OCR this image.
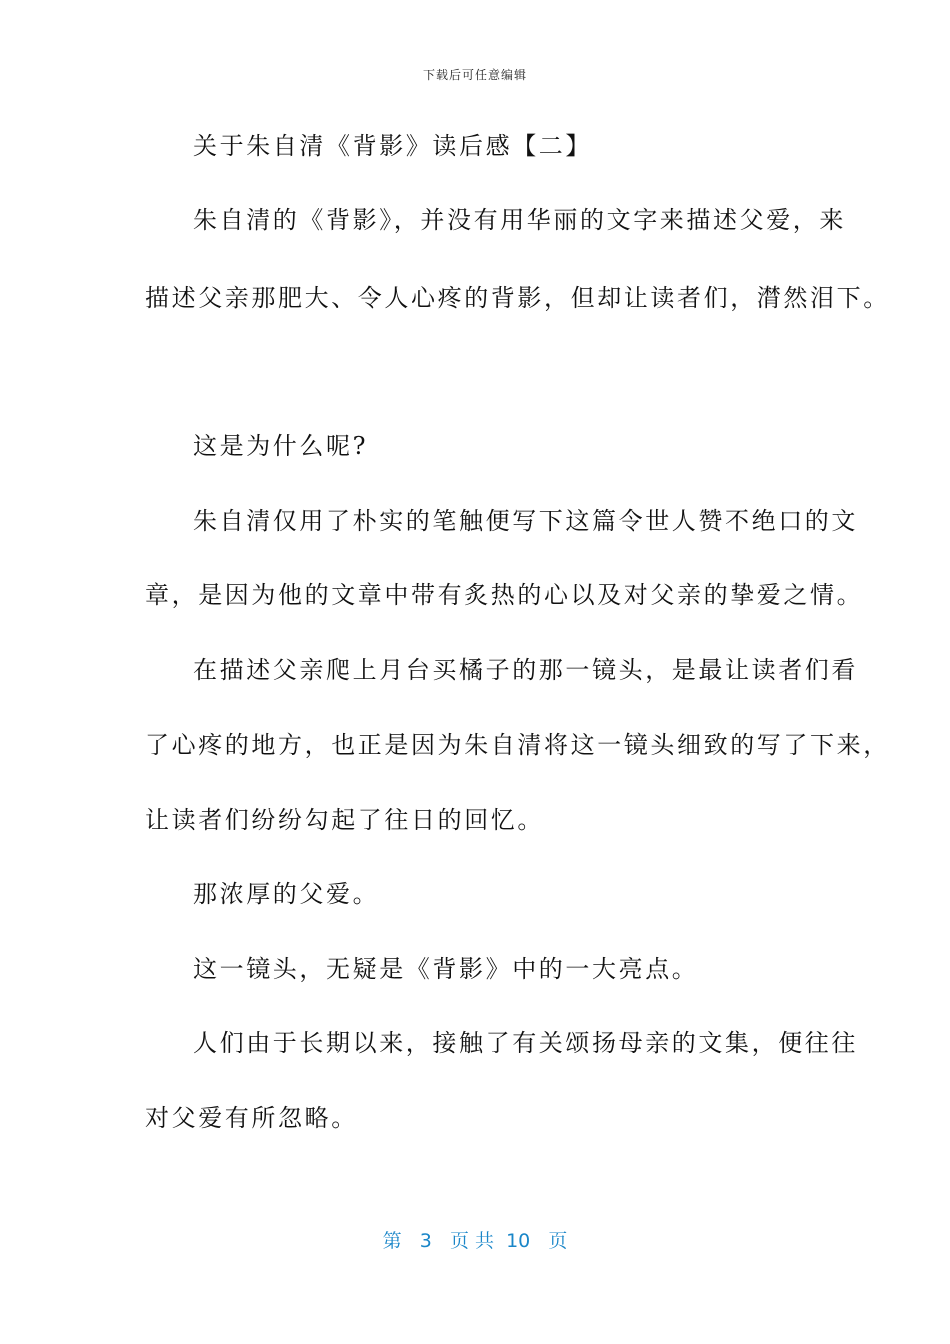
下载后可任意编辑
关于朱自清《背影》读后感【二】
朱自清的《背影》，并没有用华丽的文字来描述父爱，来
描述父亲那肥大、令人心疼的背影，但却让读者们，潸然泪下。
这是为什么呢?
朱自清仅用了朴实的笔触便写下这篇令世人赞不绝口的文
章，是因为他的文章中带有炙热的心以及对父亲的挚爱之情。
在描述父亲爬上月台买橘子的那一镜头，是最让读者们看
了心疼的地方，也正是因为朱自清将这一镜头细致的写了下来，
让读者们纷纷勾起了往日的回忆。
那浓厚的父爱。
这一镜头，无疑是《背影》中的一大亮点。
人们由于长期以来，接触了有关颂扬母亲的文集，便往往
对父爱有所忽略。
第 3 页 共 10 页
